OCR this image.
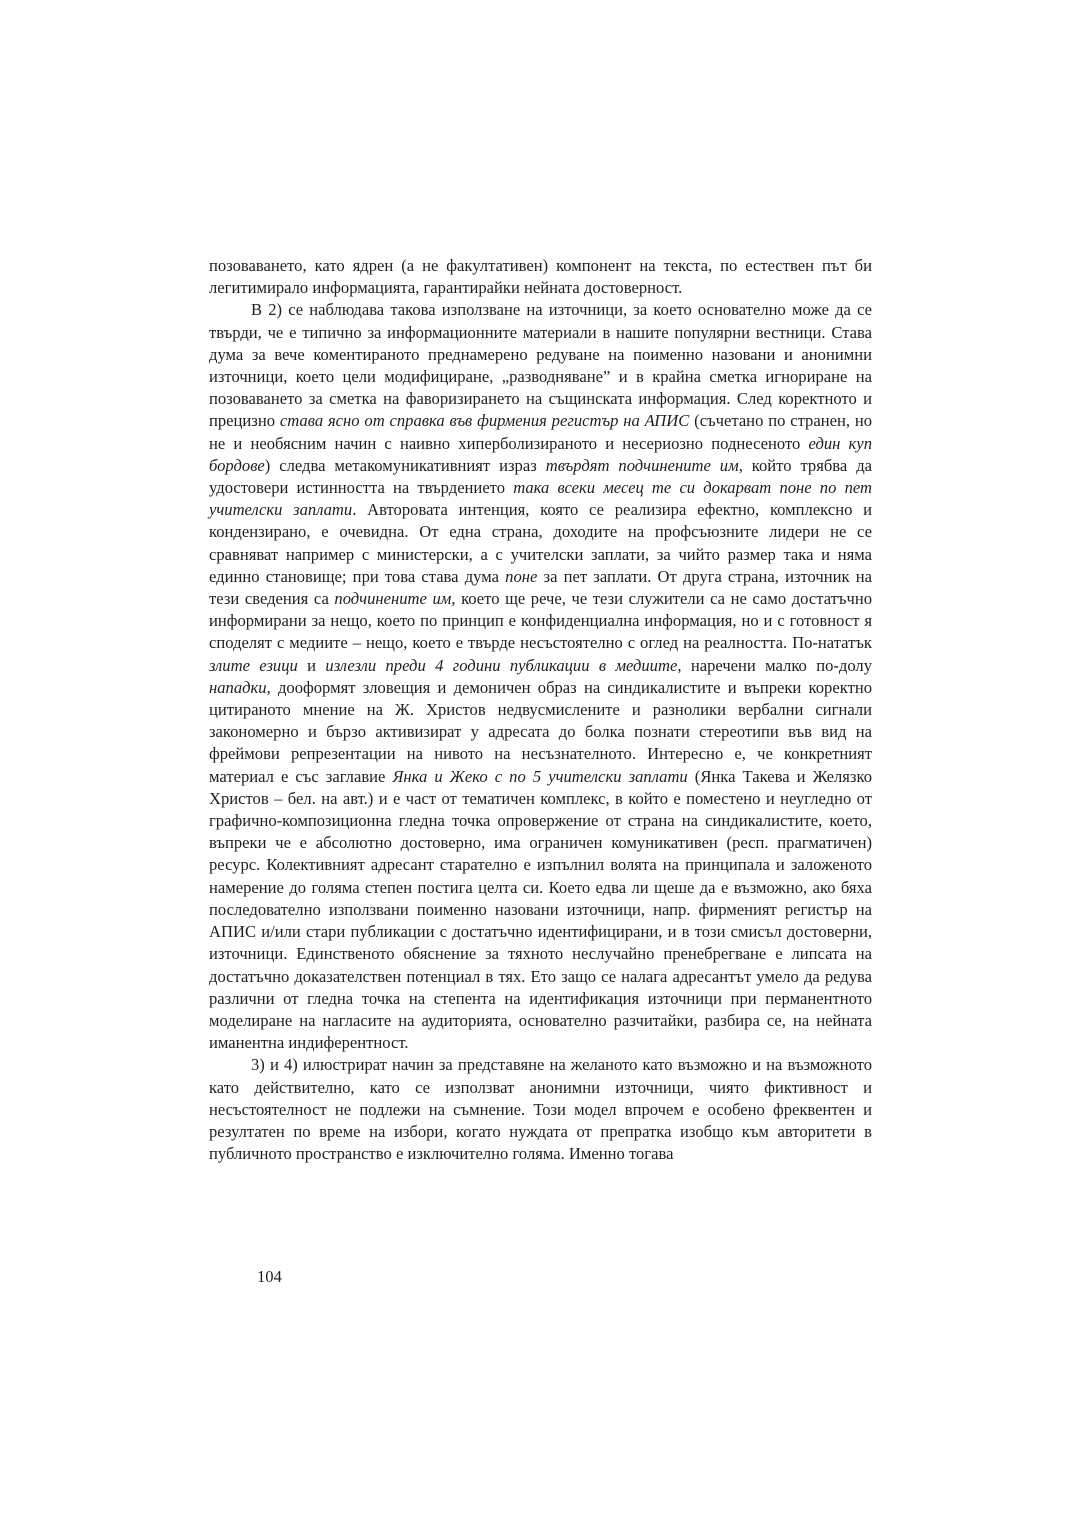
позоваването, като ядрен (а не факултативен) компонент на текста, по естествен път би легитимирало информацията, гарантирайки нейната достоверност.

В 2) се наблюдава такова използване на източници, за което основателно може да се твърди, че е типично за информационните материали в нашите популярни вестници. Става дума за вече коментираното преднамерено редуване на поименно назовани и анонимни източници, което цели модифициране, „разводняване” и в крайна сметка игнориране на позоваването за сметка на фаворизирането на същинската информация. След коректното и прецизно става ясно от справка във фирмения регистър на АПИС (съчетано по странен, но не и необясним начин с наивно хиперболизираното и несериозно поднесеното един куп бордове) следва метакомуникативният израз твърдят подчинените им, който трябва да удостовери истинността на твърдението така всеки месец те си докарват поне по пет учителски заплати. Авторовата интенция, която се реализира ефектно, комплексно и кондензирано, е очевидна. От една страна, доходите на профсъюзните лидери не се сравняват например с министерски, а с учителски заплати, за чийто размер така и няма единно становище; при това става дума поне за пет заплати. От друга страна, източник на тези сведения са подчинените им, което ще рече, че тези служители са не само достатъчно информирани за нещо, което по принцип е конфиденциална информация, но и с готовност я споделят с медиите – нещо, което е твърде несъстоятелно с оглед на реалността. По-нататък злите езици и излезли преди 4 години публикации в медиите, наречени малко по-долу нападки, дооформят зловещия и демоничен образ на синдикалистите и въпреки коректно цитираното мнение на Ж. Христов недвусмислените и разнолики вербални сигнали закономерно и бързо активизират у адресата до болка познати стереотипи във вид на фреймови репрезентации на нивото на несъзнателното. Интересно е, че конкретният материал е със заглавие Янка и Жеко с по 5 учителски заплати (Янка Такева и Желязко Христов – бел. на авт.) и е част от тематичен комплекс, в който е поместено и неугледно от графично-композиционна гледна точка опровержение от страна на синдикалистите, което, въпреки че е абсолютно достоверно, има ограничен комуникативен (респ. прагматичен) ресурс. Колективният адресант старателно е изпълнил волята на принципала и заложеното намерение до голяма степен постига целта си. Което едва ли щеше да е възможно, ако бяха последователно използвани поименно назовани източници, напр. фирменият регистър на АПИС и/или стари публикации с достатъчно идентифицирани, и в този смисъл достоверни, източници. Единственото обяснение за тяхното неслучайно пренебрегване е липсата на достатъчно доказателствен потенциал в тях. Ето защо се налага адресантът умело да редува различни от гледна точка на степента на идентификация източници при перманентното моделиране на нагласите на аудиторията, основателно разчитайки, разбира се, на нейната иманентна индиферентност.

3) и 4) илюстрират начин за представяне на желаното като възможно и на възможното като действително, като се използват анонимни източници, чиято фиктивност и несъстоятелност не подлежи на съмнение. Този модел впрочем е особено фреквентен и резултатен по време на избори, когато нуждата от препратка изобщо към авторитети в публичното пространство е изключително голяма. Именно тогава

104
